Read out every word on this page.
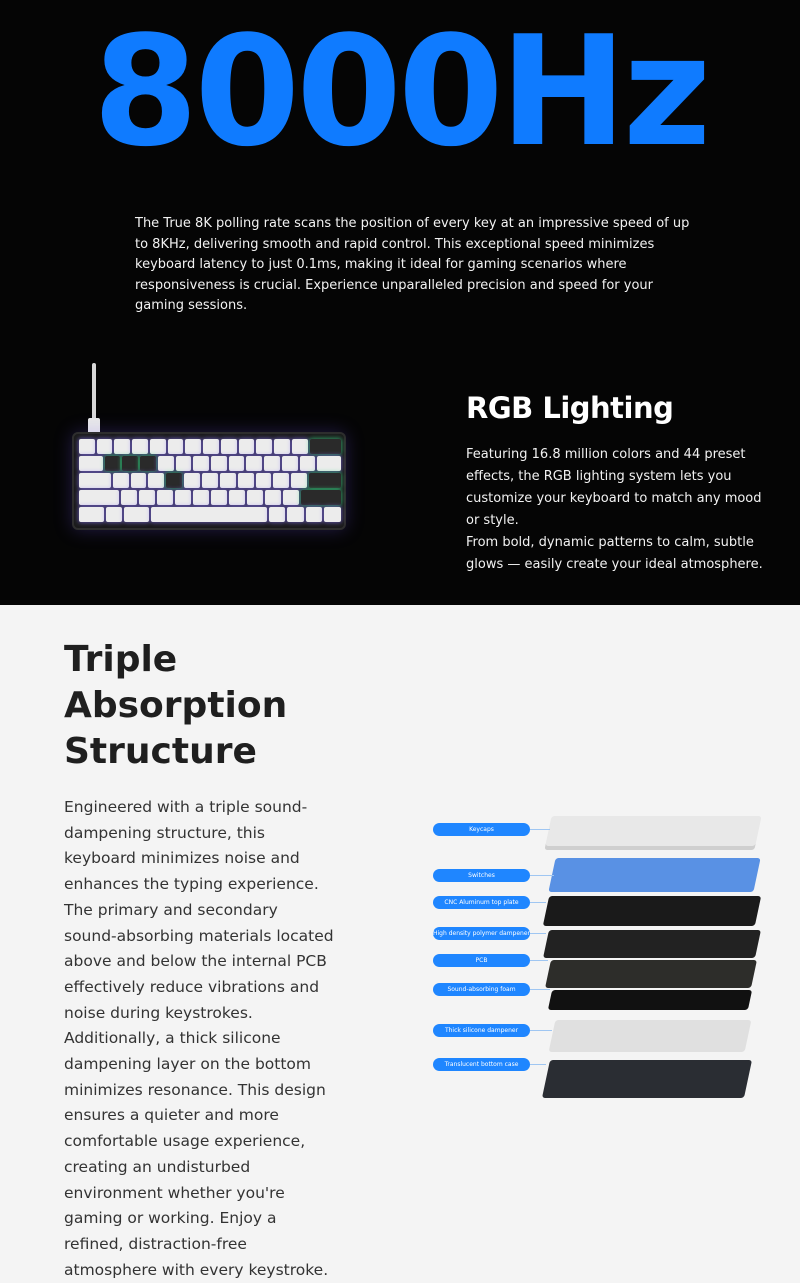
8000Hz
The True 8K polling rate scans the position of every key at an impressive speed of up to 8KHz, delivering smooth and rapid control. This exceptional speed minimizes keyboard latency to just 0.1ms, making it ideal for gaming scenarios where responsiveness is crucial. Experience unparalleled precision and speed for your gaming sessions.
RGB Lighting

Featuring 16.8 million colors and 44 preset effects, the RGB lighting system lets you customize your keyboard to match any mood or style.

From bold, dynamic patterns to calm, subtle glows — easily create your ideal atmosphere.

Triple Absorption Structure
Engineered with a triple sound-dampening structure, this keyboard minimizes noise and enhances the typing experience. The primary and secondary sound-absorbing materials located above and below the internal PCB effectively reduce vibrations and noise during keystrokes. Additionally, a thick silicone dampening layer on the bottom minimizes resonance. This design ensures a quieter and more comfortable usage experience, creating an undisturbed environment whether you're gaming or working. Enjoy a refined, distraction-free atmosphere with every keystroke.
Keycaps
Switches
CNC Aluminum top plate
High density polymer dampener
PCB
Sound-absorbing foam
Thick silicone dampener
Translucent bottom case
